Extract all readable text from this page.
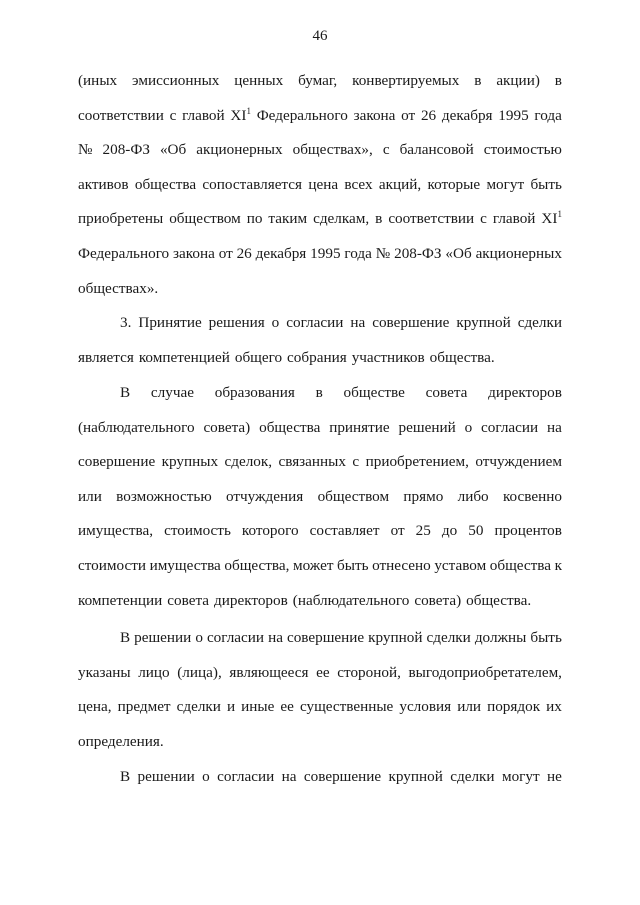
46
(иных эмиссионных ценных бумаг, конвертируемых в акции) в
соответствии с главой $XI^1$ Федерального закона от 26 декабря 1995 года
№ 208-ФЗ «Об акционерных обществах», с балансовой стоимостью
активов общества сопоставляется цена всех акций, которые могут быть
приобретены обществом по таким сделкам, в соответствии с главой $XI^1$
Федерального закона от 26 декабря 1995 года № 208-ФЗ «Об акционерных
обществах».
3. Принятие решения о согласии на совершение крупной сделки
является компетенцией общего собрания участников общества.
В случае образования в обществе совета директоров
(наблюдательного совета) общества принятие решений о согласии на
совершение крупных сделок, связанных с приобретением, отчуждением
или возможностью отчуждения обществом прямо либо косвенно
имущества, стоимость которого составляет от 25 до 50 процентов
стоимости имущества общества, может быть отнесено уставом общества к
компетенции совета директоров (наблюдательного совета) общества.
В решении о согласии на совершение крупной сделки должны быть
указаны лицо (лица), являющееся ее стороной, выгодоприобретателем,
цена, предмет сделки и иные ее существенные условия или порядок их
определения.
В решении о согласии на совершение крупной сделки могут не
